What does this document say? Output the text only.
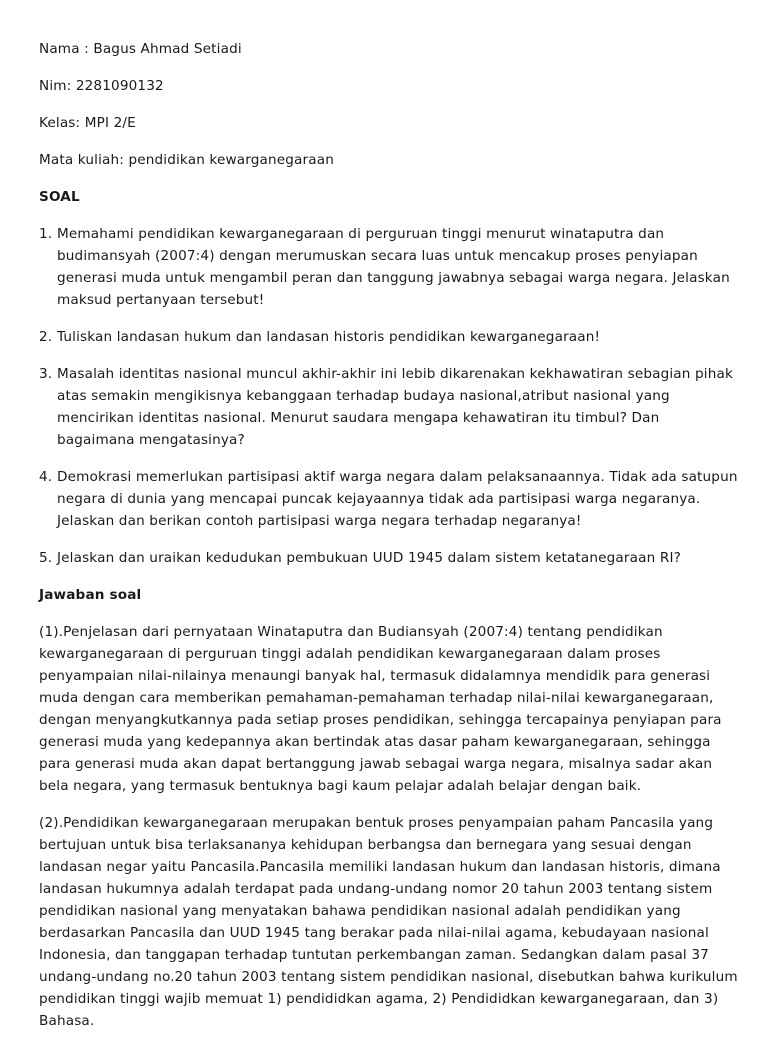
Nama : Bagus Ahmad Setiadi

Nim: 2281090132

Kelas: MPI 2/E

Mata kuliah: pendidikan kewarganegaraan

SOAL

1. Memahami pendidikan kewarganegaraan di perguruan tinggi menurut winataputra dan budimansyah (2007:4) dengan merumuskan secara luas untuk mencakup proses penyiapan generasi muda untuk mengambil peran dan tanggung jawabnya sebagai warga negara. Jelaskan maksud pertanyaan tersebut!
2. Tuliskan landasan hukum dan landasan historis pendidikan kewarganegaraan!
3. Masalah identitas nasional muncul akhir-akhir ini lebib dikarenakan kekhawatiran sebagian pihak atas semakin mengikisnya kebanggaan terhadap budaya nasional,atribut nasional yang mencirikan identitas nasional. Menurut saudara mengapa kehawatiran itu timbul? Dan bagaimana mengatasinya?
4. Demokrasi memerlukan partisipasi aktif warga negara dalam pelaksanaannya. Tidak ada satupun negara di dunia yang mencapai puncak kejayaannya tidak ada partisipasi warga negaranya. Jelaskan dan berikan contoh partisipasi warga negara terhadap negaranya!
5. Jelaskan dan uraikan kedudukan pembukuan UUD 1945 dalam sistem ketatanegaraan RI?

Jawaban soal

(1).Penjelasan dari pernyataan Winataputra dan Budiansyah (2007:4) tentang pendidikan kewarganegaraan di perguruan tinggi adalah pendidikan kewarganegaraan dalam proses penyampaian nilai-nilainya menaungi banyak hal, termasuk didalamnya mendidik para generasi muda dengan cara memberikan pemahaman-pemahaman terhadap nilai-nilai kewarganegaraan, dengan menyangkutkannya pada setiap proses pendidikan, sehingga tercapainya penyiapan para generasi muda yang kedepannya akan bertindak atas dasar paham kewarganegaraan, sehingga para generasi muda akan dapat bertanggung jawab sebagai warga negara, misalnya sadar akan bela negara, yang termasuk bentuknya bagi kaum pelajar adalah belajar dengan baik.

(2).Pendidikan kewarganegaraan merupakan bentuk proses penyampaian paham Pancasila yang bertujuan untuk bisa terlaksananya kehidupan berbangsa dan bernegara yang sesuai dengan landasan negar yaitu Pancasila.Pancasila memiliki landasan hukum dan landasan historis, dimana landasan hukumnya adalah terdapat pada undang-undang nomor 20 tahun 2003 tentang sistem pendidikan nasional yang menyatakan bahawa pendidikan nasional adalah pendidikan yang berdasarkan Pancasila dan UUD 1945 tang berakar pada nilai-nilai agama, kebudayaan nasional Indonesia, dan tanggapan terhadap tuntutan perkembangan zaman. Sedangkan dalam pasal 37 undang-undang no.20 tahun 2003 tentang sistem pendidikan nasional, disebutkan bahwa kurikulum pendidikan tinggi wajib memuat 1) pendididkan agama, 2) Pendididkan kewarganegaraan, dan 3) Bahasa.
